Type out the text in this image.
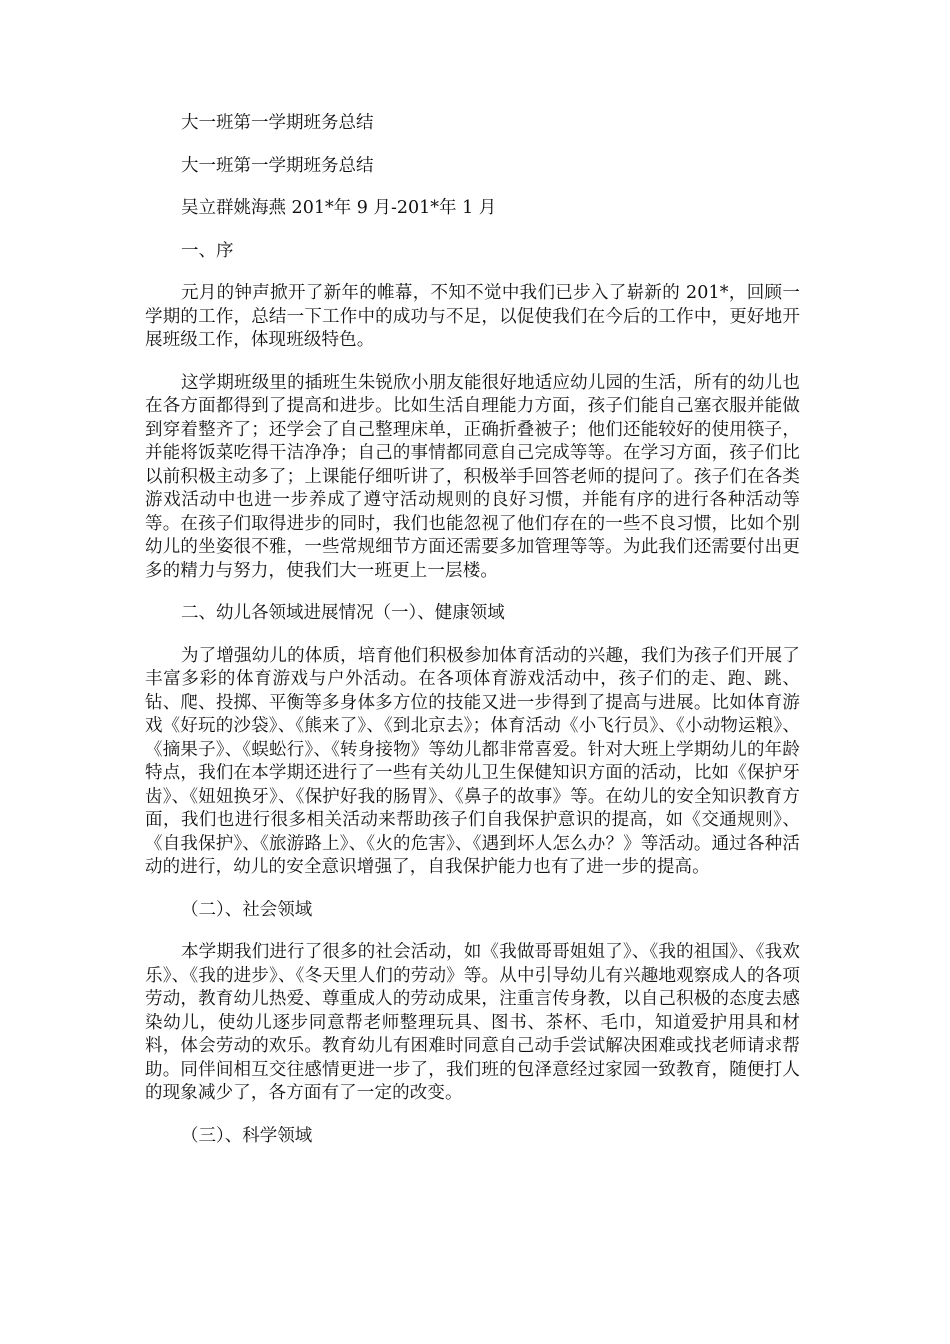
大一班第一学期班务总结

大一班第一学期班务总结

吴立群姚海燕 201*年 9 月-201*年 1 月

一、序

元月的钟声掀开了新年的帷幕，不知不觉中我们已步入了崭新的 201*，回顾一学期的工作，总结一下工作中的成功与不足，以促使我们在今后的工作中，更好地开展班级工作，体现班级特色。

这学期班级里的插班生朱锐欣小朋友能很好地适应幼儿园的生活，所有的幼儿也在各方面都得到了提高和进步。比如生活自理能力方面，孩子们能自己塞衣服并能做到穿着整齐了；还学会了自己整理床单，正确折叠被子；他们还能较好的使用筷子，并能将饭菜吃得干洁净净；自己的事情都同意自己完成等等。在学习方面，孩子们比以前积极主动多了；上课能仔细听讲了，积极举手回答老师的提问了。孩子们在各类游戏活动中也进一步养成了遵守活动规则的良好习惯，并能有序的进行各种活动等等。在孩子们取得进步的同时，我们也能忽视了他们存在的一些不良习惯，比如个别幼儿的坐姿很不雅，一些常规细节方面还需要多加管理等等。为此我们还需要付出更多的精力与努力，使我们大一班更上一层楼。

二、幼儿各领域进展情况（一）、健康领域

为了增强幼儿的体质，培育他们积极参加体育活动的兴趣，我们为孩子们开展了丰富多彩的体育游戏与户外活动。在各项体育游戏活动中，孩子们的走、跑、跳、钻、爬、投掷、平衡等多身体多方位的技能又进一步得到了提高与进展。比如体育游戏《好玩的沙袋》、《熊来了》、《到北京去》；体育活动《小飞行员》、《小动物运粮》、《摘果子》、《蜈蚣行》、《转身接物》等幼儿都非常喜爱。针对大班上学期幼儿的年龄特点，我们在本学期还进行了一些有关幼儿卫生保健知识方面的活动，比如《保护牙齿》、《妞妞换牙》、《保护好我的肠胃》、《鼻子的故事》等。在幼儿的安全知识教育方面，我们也进行很多相关活动来帮助孩子们自我保护意识的提高，如《交通规则》、《自我保护》、《旅游路上》、《火的危害》、《遇到坏人怎么办？》等活动。通过各种活动的进行，幼儿的安全意识增强了，自我保护能力也有了进一步的提高。

（二）、社会领域

本学期我们进行了很多的社会活动，如《我做哥哥姐姐了》、《我的祖国》、《我欢乐》、《我的进步》、《冬天里人们的劳动》等。从中引导幼儿有兴趣地观察成人的各项劳动，教育幼儿热爱、尊重成人的劳动成果，注重言传身教，以自己积极的态度去感染幼儿，使幼儿逐步同意帮老师整理玩具、图书、茶杯、毛巾，知道爱护用具和材料，体会劳动的欢乐。教育幼儿有困难时同意自己动手尝试解决困难或找老师请求帮助。同伴间相互交往感情更进一步了，我们班的包泽意经过家园一致教育，随便打人的现象减少了，各方面有了一定的改变。

（三）、科学领域
